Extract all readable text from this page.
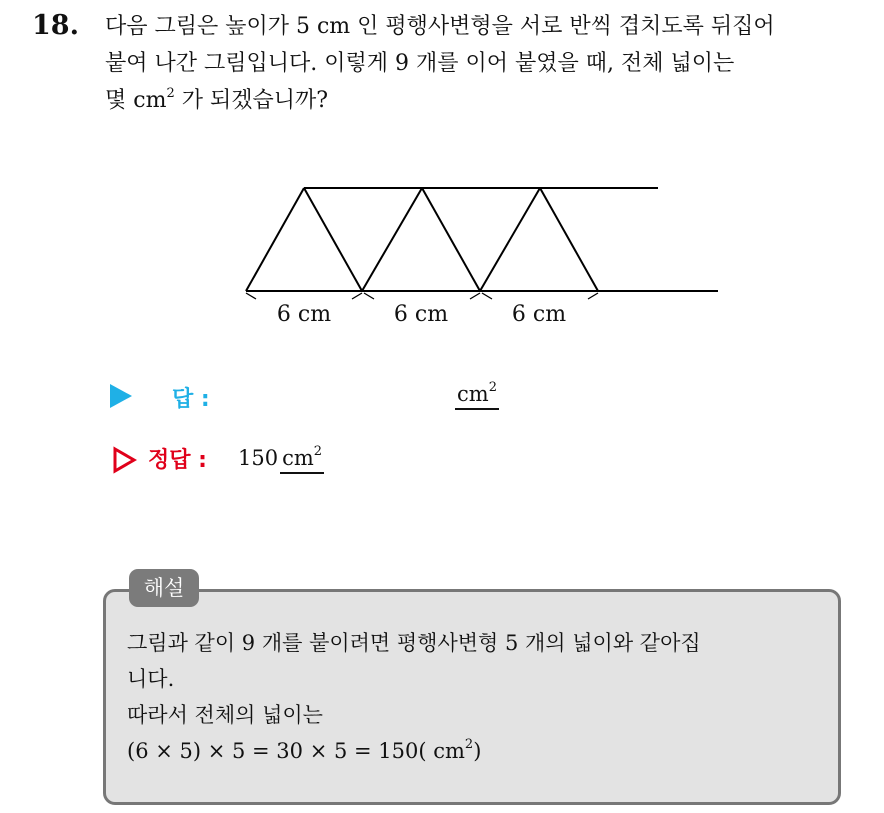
18. 다음 그림은 높이가 5 cm 인 평행사변형을 서로 반씩 겹치도록 뒤집어

붙여 나간 그림입니다. 이렇게 9 개를 이어 붙였을 때, 전체 넓이는

몇 $cm^2$ 가 되겠습니까?

6 cm	6 cm	6 cm
답 :	$cm^2$
정답 : 150 $cm^2$
해설

그림과 같이 9 개를 붙이려면 평행사변형 5 개의 넓이와 같아집

니다.

따라서 전체의 넓이는

(6 × 5) × 5 = 30 × 5 = 150( $cm^2$)
